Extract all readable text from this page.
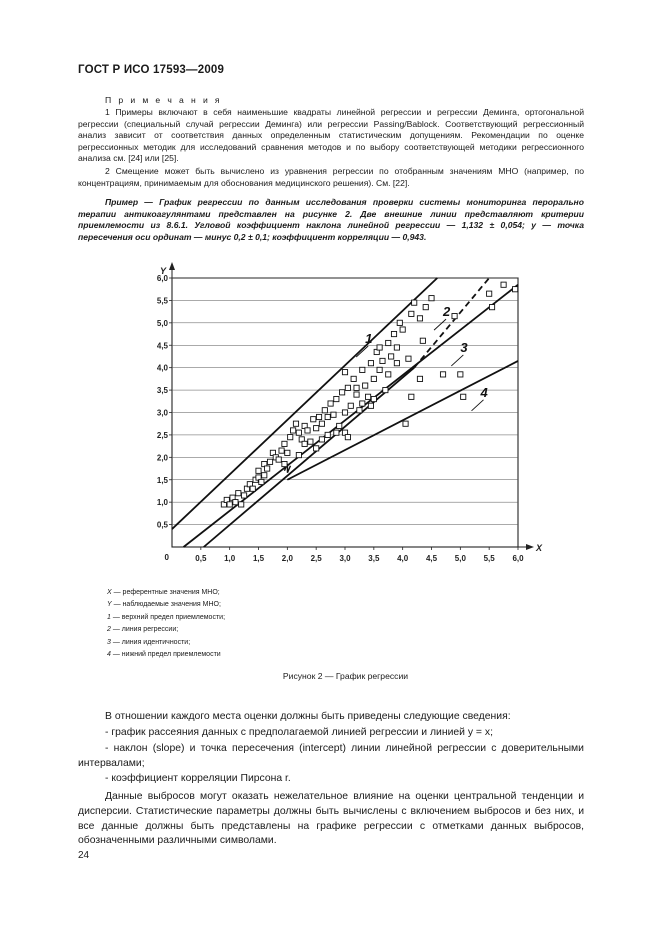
ГОСТ Р ИСО 17593—2009
П р и м е ч а н и я
1 Примеры включают в себя наименьшие квадраты линейной регрессии и регрессии Деминга, ортогональной регрессии (специальный случай регрессии Деминга) или регрессии Passing/Bablock. Соответствующий регрессионный анализ зависит от соответствия данных определенным статистическим допущениям. Рекомендации по оценке регрессионных методик для исследований сравнения методов и по выбору соответствующей методики регрессионного анализа см. [24] или [25].
2 Смещение может быть вычислено из уравнения регрессии по отобранным значениям МНО (например, по концентрациям, принимаемым для обоснования медицинского решения). См. [22].
Пример — График регрессии по данным исследования проверки системы мониторинга перорально терапии антикоагулянтами представлен на рисунке 2. Две внешние линии представляют критерии приемлемости из 8.6.1. Угловой коэффициент наклона линейной регрессии — 1,132 ± 0,054; y — точка пересечения оси ординат — минус 0,2 ± 0,1; коэффициент корреляции — 0,943.
0,5
0,5
1,0
1,0
1,5
1,5
2,0
2,0
2,5
2,5
3,0
3,0
3,5
3,5
4,0
4,0
4,5
4,5
5,0
5,0
5,5
5,5
6,0
6,0
0
Y
X
1
2
3
4
X — референтные значения МНО;
Y — наблюдаемые значения МНО;
1 — верхний предел приемлемости;
2 — линия регрессии;
3 — линия идентичности;
4 — нижний предел приемлемости
Рисунок 2 — График регрессии
В отношении каждого места оценки должны быть приведены следующие сведения:
- график рассеяния данных с предполагаемой линией регрессии и линией y = x;
- наклон (slope) и точка пересечения (intercept) линии линейной регрессии с доверительными интервалами;
- коэффициент корреляции Пирсона r.
Данные выбросов могут оказать нежелательное влияние на оценки центральной тенденции и дисперсии. Статистические параметры должны быть вычислены с включением выбросов и без них, и все данные должны быть представлены на графике регрессии с отметками данных выбросов, обозначенными различными символами.
24
